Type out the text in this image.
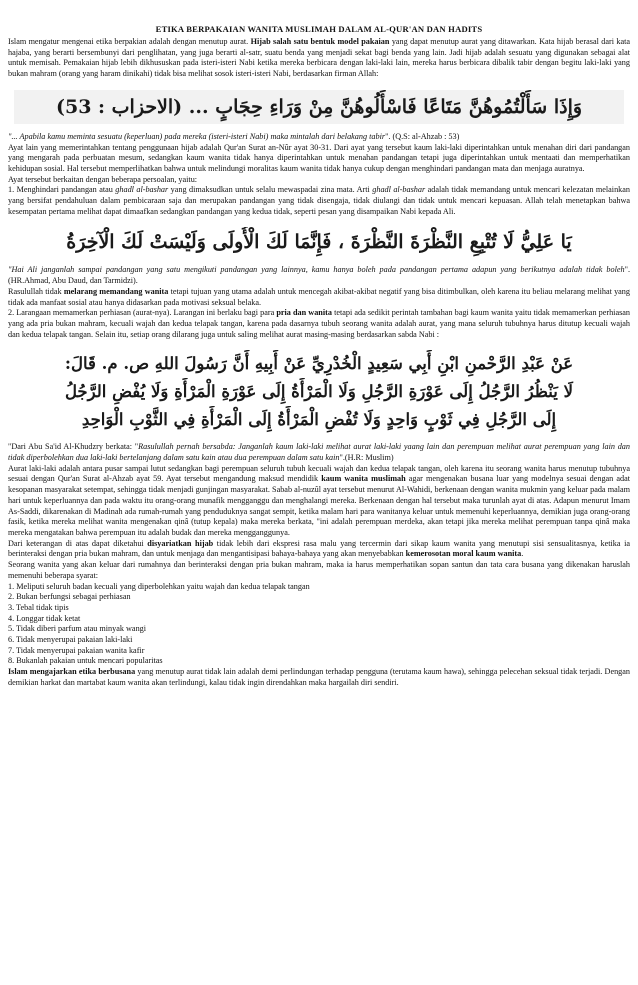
ETIKA BERPAKAIAN WANITA MUSLIMAH DALAM AL-QUR'AN DAN HADITS

Islam mengatur mengenai etika berpakian adalah dengan menutup aurat. Hijab salah satu bentuk model pakaian yang dapat menutup aurat yang ditawarkan. Kata hijab berasal dari kata hajaba, yang berarti bersembunyi dari penglihatan, yang juga berarti al-satr, suatu benda yang menjadi sekat bagi benda yang lain. Jadi hijab adalah sesuatu yang digunakan sebagai alat untuk memisah. Pemakaian hijab lebih dikhususkan pada isteri-isteri Nabi ketika mereka berbicara dengan laki-laki lain, mereka harus berbicara dibalik tabir dengan begitu laki-laki yang bukan mahram (orang yang haram dinikahi) tidak bisa melihat sosok isteri-isteri Nabi, berdasarkan firman Allah:

وَإِذَا سَأَلْتُمُوهُنَّ مَتَاعًا فَاسْأَلُوهُنَّ مِنْ وَرَاءِ حِجَابٍ ... (الاحزاب : 53)

"... Apabila kamu meminta sesuatu (keperluan) pada mereka (isteri-isteri Nabi) maka mintalah dari belakang tabir". (Q.S: al-Ahzab : 53)

Ayat lain yang memerintahkan tentang penggunaan hijab adalah Qur'an Surat an-Nûr ayat 30-31. Dari ayat yang tersebut kaum laki-laki diperintahkan untuk menahan diri dari pandangan yang mengarah pada perbuatan mesum, sedangkan kaum wanita tidak hanya diperintahkan untuk menahan pandangan tetapi juga diperintahkan untuk mentaati dan memperhatikan kehidupan sosial. Hal tersebut memperlihatkan bahwa untuk melindungi moralitas kaum wanita tidak hanya cukup dengan menghindari pandangan mata dan menjaga auratnya.

Ayat tersebut berkaitan dengan beberapa persoalan, yaitu:

1. Menghindari pandangan atau ghadl al-bashar yang dimaksudkan untuk selalu mewaspadai zina mata. Arti ghadl al-bashar adalah tidak memandang untuk mencari kelezatan melainkan yang bersifat pendahuluan dalam pembicaraan saja dan merupakan pandangan yang tidak disengaja, tidak diulangi dan tidak untuk mencari kepuasan. Allah telah menetapkan bahwa kesempatan pertama melihat dapat dimaafkan sedangkan pandangan yang kedua tidak, seperti pesan yang disampaikan Nabi kepada Ali.

يَا عَلِيُّ لَا تُتْبِعِ النَّظْرَةَ النَّظْرَةَ ، فَإِنَّمَا لَكَ الْأُولَى وَلَيْسَتْ لَكَ الْآخِرَةُ

"Hai Ali janganlah sampai pandangan yang satu mengikuti pandangan yang lainnya, kamu hanya boleh pada pandangan pertama adapun yang berikutnya adalah tidak boleh". (HR.Ahmad, Abu Daud, dan Tarmidzi).

Rasulullah tidak melarang memandang wanita tetapi tujuan yang utama adalah untuk mencegah akibat-akibat negatif yang bisa ditimbulkan, oleh karena itu beliau melarang melihat yang tidak ada manfaat sosial atau hanya didasarkan pada motivasi seksual belaka.

2. Larangaan memamerkan perhiasan (aurat-nya). Larangan ini berlaku bagi para pria dan wanita tetapi ada sedikit perintah tambahan bagi kaum wanita yaitu tidak memamerkan perhiasan yang ada pria bukan mahram, kecuali wajah dan kedua telapak tangan, karena pada dasarnya tubuh seorang wanita adalah aurat, yang mana seluruh tubuhnya harus ditutup kecuali wajah dan kedua telapak tangan. Selain itu, setiap orang dilarang juga untuk saling melihat aurat masing-masing berdasarkan sabda Nabi :

عَنْ عَبْدِ الرَّحْمنِ ابْنِ أَبِي سَعِيدٍ الْخُدْرِيِّ عَنْ أَبِيهِ أَنَّ رَسُولَ اللهِ ص. م. قَالَ:
لَا يَنْظُرُ الرَّجُلُ إِلَى عَوْرَةِ الرَّجُلِ وَلَا الْمَرْأَةُ إِلَى عَوْرَةِ الْمَرْأَةِ وَلَا يُفْضِ الرَّجُلُ
إِلَى الرَّجُلِ فِي ثَوْبٍ وَاحِدٍ وَلَا تُفْضِ الْمَرْأَةُ إِلَى الْمَرْأَةِ فِي الثَّوْبِ الْوَاحِدِ

"Dari Abu Sa'id Al-Khudzry berkata: "Rasulullah pernah bersabda: Janganlah kaum laki-laki melihat aurat laki-laki yaang lain dan perempuan melihat aurat perempuan yang lain dan tidak diperbolehkan dua laki-laki bertelanjang dalam satu kain atau dua perempuan dalam satu kain".(H.R: Muslim)

Aurat laki-laki adalah antara pusar sampai lutut sedangkan bagi perempuan seluruh tubuh kecuali wajah dan kedua telapak tangan, oleh karena itu seorang wanita harus menutup tubuhnya sesuai dengan Qur'an Surat al-Ahzab ayat 59. Ayat tersebut mengandung maksud mendidik kaum wanita muslimah agar mengenakan busana luar yang modelnya sesuai dengan adat kesopanan masyarakat setempat, sehingga tidak menjadi gunjingan masyarakat. Sabab al-nuzûl ayat tersebut menurut Al-Wahidi, berkenaan dengan wanita mukmin yang keluar pada malam hari untuk keperluannya dan pada waktu itu orang-orang munafik mengganggu dan menghalangi mereka. Berkenaan dengan hal tersebut maka turunlah ayat di atas. Adapun menurut Imam As-Saddi, dikarenakan di Madinah ada rumah-rumah yang penduduknya sangat sempit, ketika malam hari para wanitanya keluar untuk memenuhi keperluannya, demikian juga orang-orang fasik, ketika mereka melihat wanita mengenakan qinâ (tutup kepala) maka mereka berkata, "ini adalah perempuan merdeka, akan tetapi jika mereka melihat perempuan tanpa qinâ maka mereka mengatakan bahwa perempuan itu adalah budak dan mereka mengganggunya.

Dari keterangan di atas dapat diketahui disyariatkan hijab tidak lebih dari ekspresi rasa malu yang tercermin dari sikap kaum wanita yang menutupi sisi sensualitasnya, ketika ia berinteraksi dengan pria bukan mahram, dan untuk menjaga dan mengantisipasi bahaya-bahaya yang akan menyebabkan kemerosotan moral kaum wanita.

Seorang wanita yang akan keluar dari rumahnya dan berinteraksi dengan pria bukan mahram, maka ia harus memperhatikan sopan santun dan tata cara busana yang dikenakan haruslah memenuhi beberapa syarat:

1. Meliputi seluruh badan kecuali yang diperbolehkan yaitu wajah dan kedua telapak tangan
2. Bukan berfungsi sebagai perhiasan
3. Tebal tidak tipis
4. Longgar tidak ketat
5. Tidak diberi parfum atau minyak wangi
6. Tidak menyerupai pakaian laki-laki
7. Tidak menyerupai pakaian wanita kafir
8. Bukanlah pakaian untuk mencari popularitas

Islam mengajarkan etika berbusana yang menutup aurat tidak lain adalah demi perlindungan terhadap pengguna (terutama kaum hawa), sehingga pelecehan seksual tidak terjadi. Dengan demikian harkat dan martabat kaum wanita akan terlindungi, kalau tidak ingin direndahkan maka hargailah diri sendiri.
